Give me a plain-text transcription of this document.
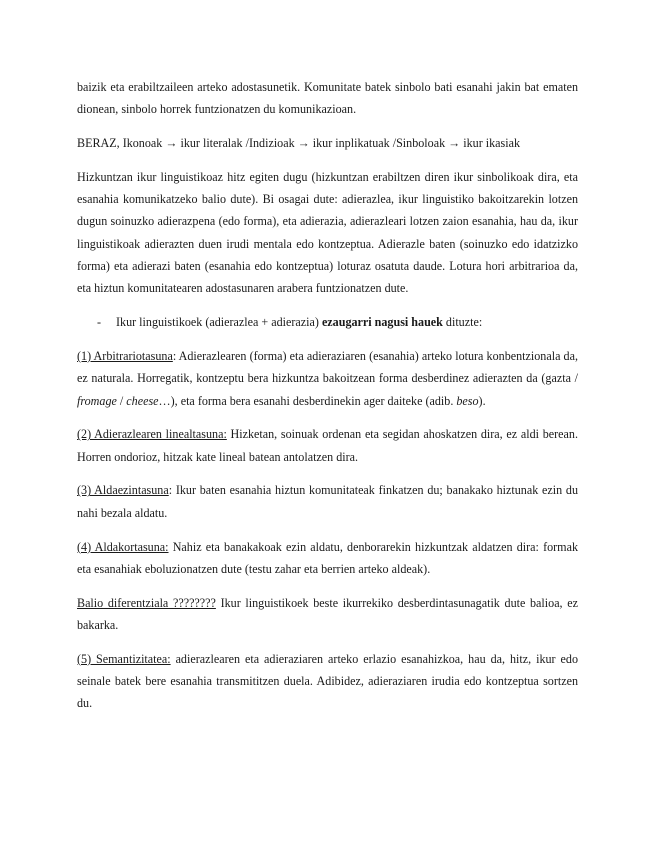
baizik eta erabiltzaileen arteko adostasunetik. Komunitate batek sinbolo bati esanahi jakin bat ematen dionean, sinbolo horrek funtzionatzen du komunikazioan.

BERAZ, Ikonoak → ikur literalak /Indizioak → ikur inplikatuak /Sinboloak → ikur ikasiak

Hizkuntzan ikur linguistikoaz hitz egiten dugu (hizkuntzan erabiltzen diren ikur sinbolikoak dira, eta esanahia komunikatzeko balio dute). Bi osagai dute: adierazlea, ikur linguistiko bakoitzarekin lotzen dugun soinuzko adierazpena (edo forma), eta adierazia, adierazleari lotzen zaion esanahia, hau da, ikur linguistikoak adierazten duen irudi mentala edo kontzeptua. Adierazle baten (soinuzko edo idatzizko forma) eta adierazi baten (esanahia edo kontzeptua) loturaz osatuta daude. Lotura hori arbitrarioa da, eta hiztun komunitatearen adostasunaren arabera funtzionatzen dute.

-	Ikur linguistikoek (adierazlea + adierazia) ezaugarri nagusi hauek dituzte:

(1) Arbitrariotasuna: Adierazlearen (forma) eta adieraziaren (esanahia) arteko lotura konbentzionala da, ez naturala. Horregatik, kontzeptu bera hizkuntza bakoitzean forma desberdinez adierazten da (gazta / fromage / cheese…), eta forma bera esanahi desberdinekin ager daiteke (adib. beso).

(2) Adierazlearen linealtasuna: Hizketan, soinuak ordenan eta segidan ahoskatzen dira, ez aldi berean. Horren ondorioz, hitzak kate lineal batean antolatzen dira.

(3) Aldaezintasuna: Ikur baten esanahia hiztun komunitateak finkatzen du; banakako hiztunak ezin du nahi bezala aldatu.

(4) Aldakortasuna: Nahiz eta banakakoak ezin aldatu, denborarekin hizkuntzak aldatzen dira: formak eta esanahiak eboluzionatzen dute (testu zahar eta berrien arteko aldeak).

Balio diferentziala ???????? Ikur linguistikoek beste ikurrekiko desberdintasunagatik dute balioa, ez bakarka.

(5) Semantizitatea: adierazlearen eta adieraziaren arteko erlazio esanahizkoa, hau da, hitz, ikur edo seinale batek bere esanahia transmititzen duela. Adibidez, adieraziaren irudia edo kontzeptua sortzen du.
